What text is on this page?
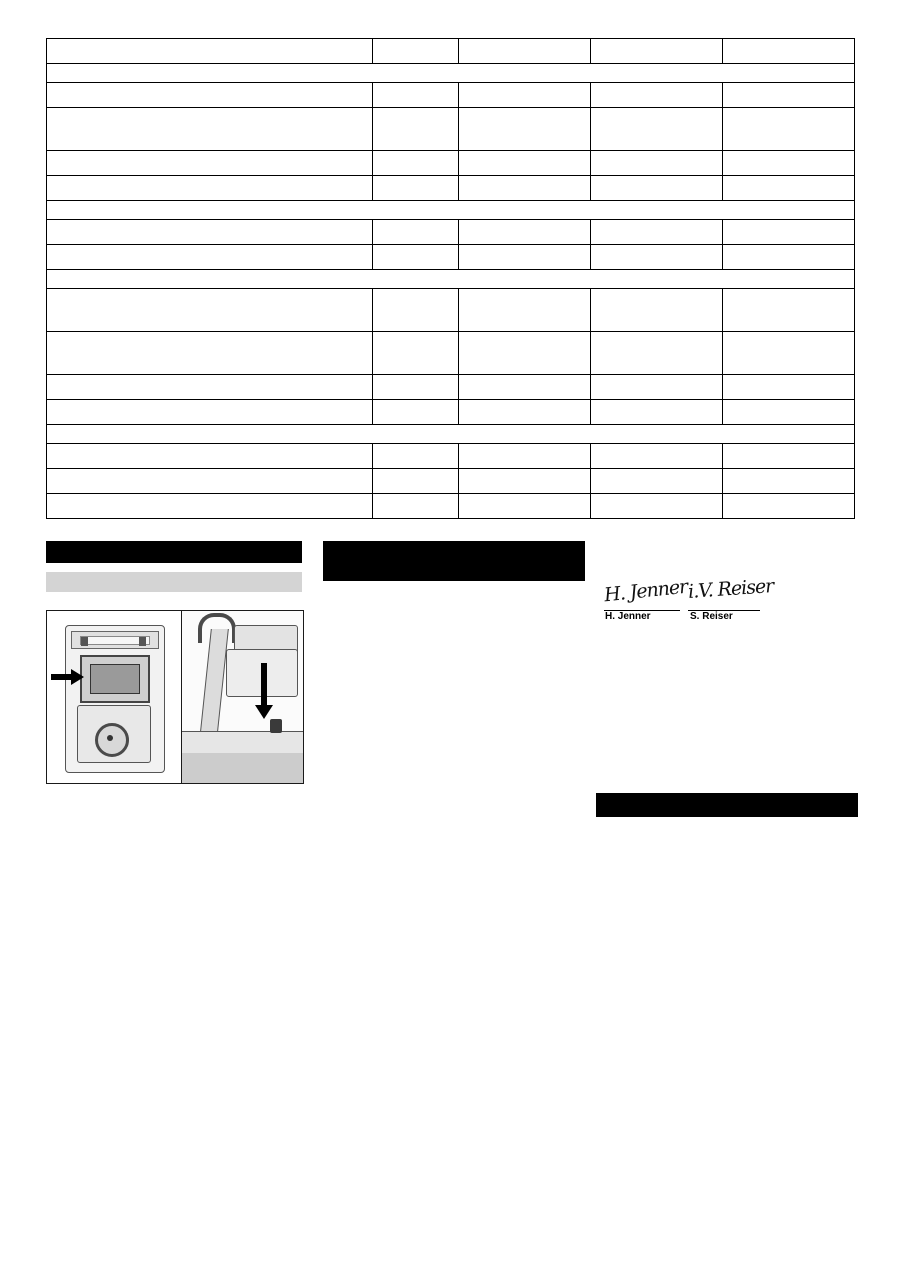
H. Jenner i.V. Reiser
H. Jenner	S. Reiser
